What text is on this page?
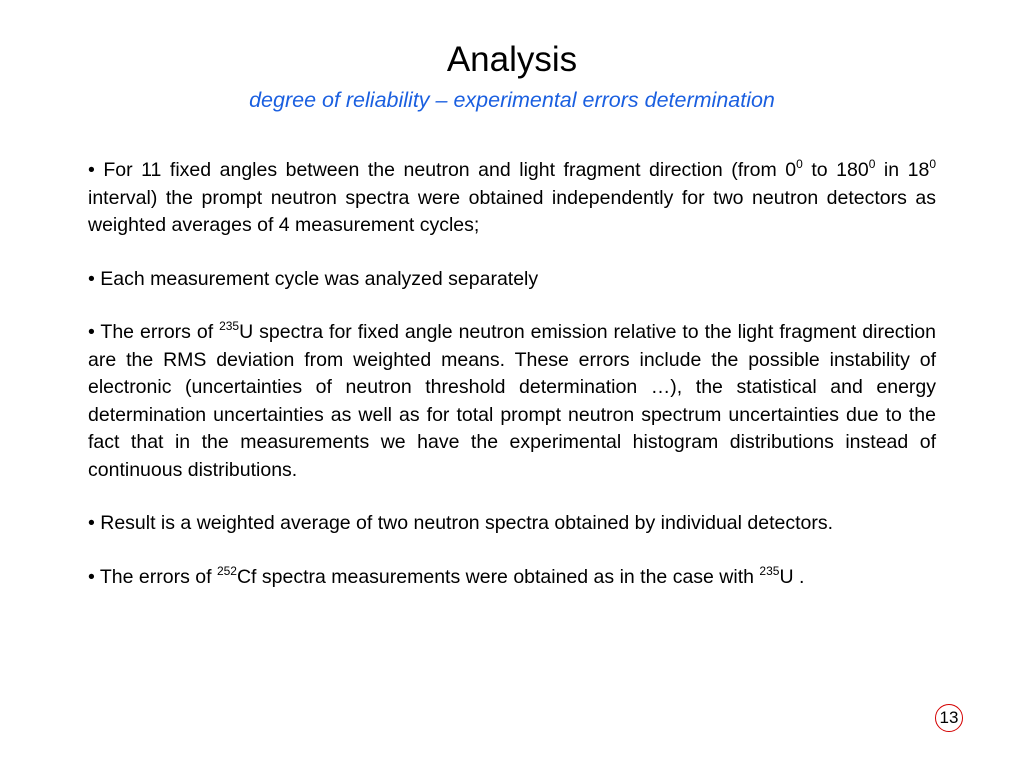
Analysis
degree of reliability – experimental errors determination

• For 11 fixed angles between the neutron and light fragment direction (from $0^0$ to $180^0$ in $18^0$ interval) the prompt neutron spectra were obtained independently for two neutron detectors as weighted averages of 4 measurement cycles;

• Each measurement cycle was analyzed separately

• The errors of $^{235}$U spectra for fixed angle neutron emission relative to the light fragment direction are the RMS deviation from weighted means. These errors include the possible instability of electronic (uncertainties of neutron threshold determination …), the statistical and energy determination uncertainties as well as for total prompt neutron spectrum uncertainties due to the fact that in the measurements we have the experimental histogram distributions instead of continuous distributions.

• Result is a weighted average of two neutron spectra obtained by individual detectors.

• The errors of $^{252}$Cf spectra measurements were obtained as in the case with $^{235}$U .

13
